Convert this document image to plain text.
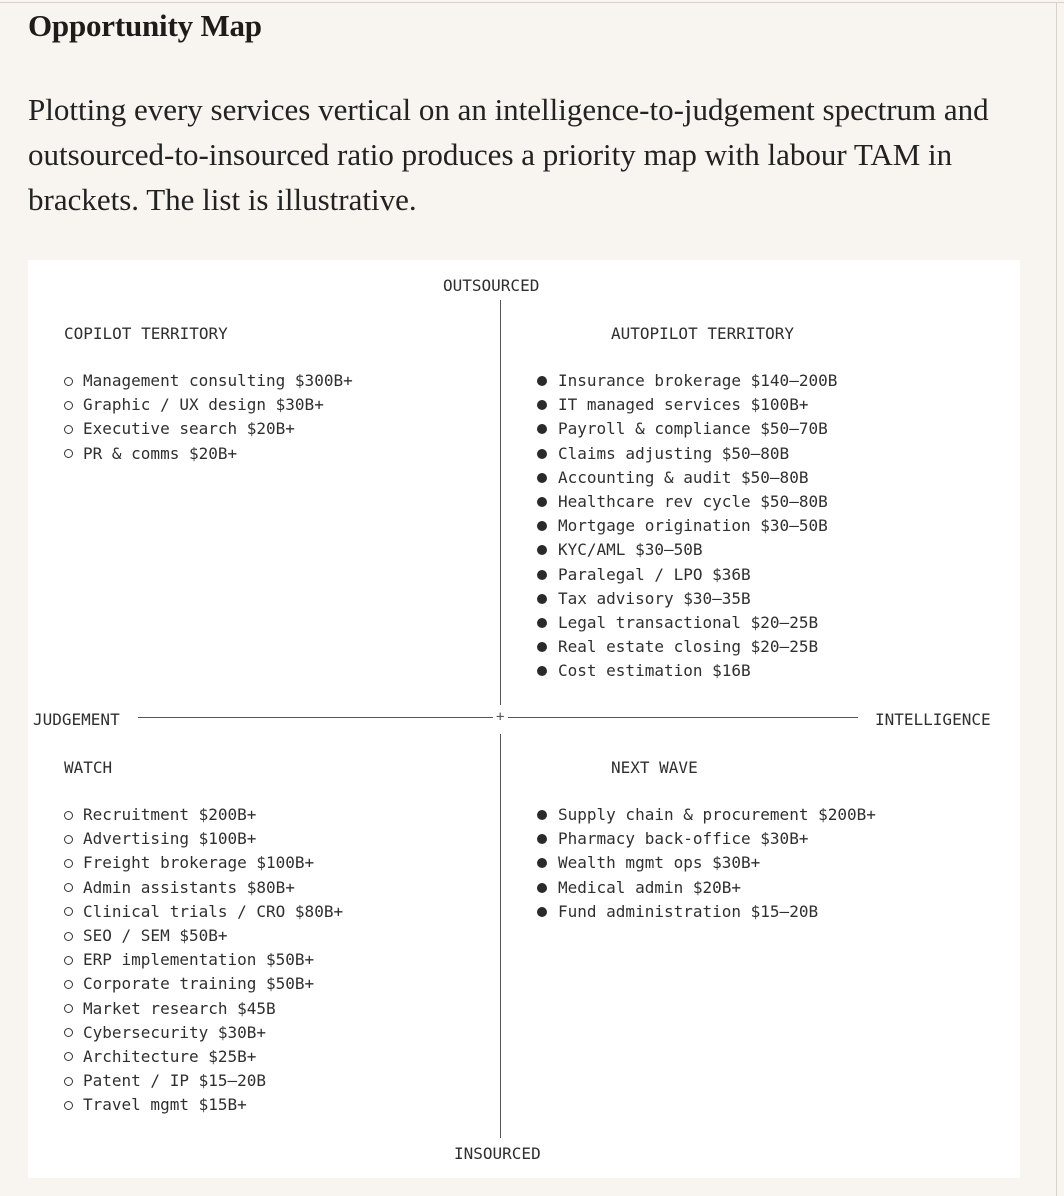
Opportunity Map

Plotting every services vertical on an intelligence-to-judgement spectrum and outsourced-to-insourced ratio produces a priority map with labour TAM in brackets. The list is illustrative.

OUTSOURCED
INSOURCED
JUDGEMENT	INTELLIGENCE
+
COPILOT TERRITORY	AUTOPILOT TERRITORY
WATCH	NEXT WAVE
Management consulting $300B+
Graphic / UX design $30B+
Executive search $20B+
PR & comms $20B+
Insurance brokerage $140–200B
IT managed services $100B+
Payroll & compliance $50–70B
Claims adjusting $50–80B
Accounting & audit $50–80B
Healthcare rev cycle $50–80B
Mortgage origination $30–50B
KYC/AML $30–50B
Paralegal / LPO $36B
Tax advisory $30–35B
Legal transactional $20–25B
Real estate closing $20–25B
Cost estimation $16B
Recruitment $200B+
Advertising $100B+
Freight brokerage $100B+
Admin assistants $80B+
Clinical trials / CRO $80B+
SEO / SEM $50B+
ERP implementation $50B+
Corporate training $50B+
Market research $45B
Cybersecurity $30B+
Architecture $25B+
Patent / IP $15–20B
Travel mgmt $15B+
Supply chain & procurement $200B+
Pharmacy back-office $30B+
Wealth mgmt ops $30B+
Medical admin $20B+
Fund administration $15–20B
